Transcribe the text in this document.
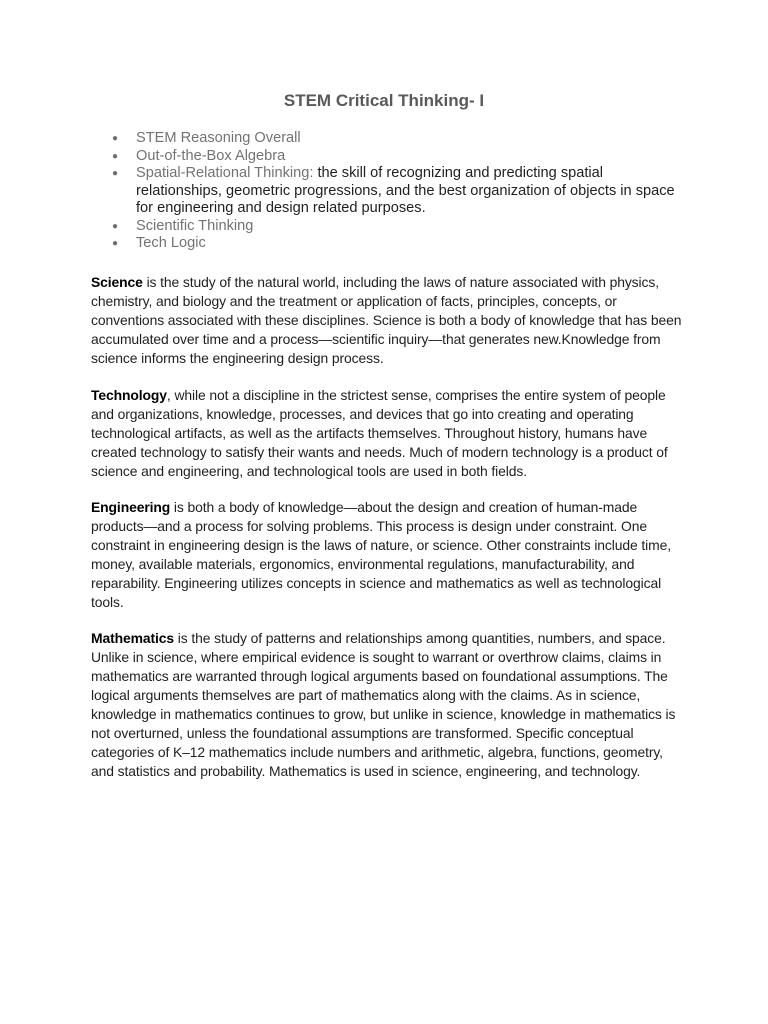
STEM Critical Thinking- I
● STEM Reasoning Overall
● Out-of-the-Box Algebra
● Spatial-Relational Thinking: the skill of recognizing and predicting spatial relationships, geometric progressions, and the best organization of objects in space for engineering and design related purposes.
● Scientific Thinking
● Tech Logic

Science is the study of the natural world, including the laws of nature associated with physics, chemistry, and biology and the treatment or application of facts, principles, concepts, or conventions associated with these disciplines. Science is both a body of knowledge that has been accumulated over time and a process—scientific inquiry—that generates new.Knowledge from science informs the engineering design process.

Technology, while not a discipline in the strictest sense, comprises the entire system of people and organizations, knowledge, processes, and devices that go into creating and operating technological artifacts, as well as the artifacts themselves. Throughout history, humans have created technology to satisfy their wants and needs. Much of modern technology is a product of science and engineering, and technological tools are used in both fields.

Engineering is both a body of knowledge—about the design and creation of human-made products—and a process for solving problems. This process is design under constraint. One constraint in engineering design is the laws of nature, or science. Other constraints include time, money, available materials, ergonomics, environmental regulations, manufacturability, and reparability. Engineering utilizes concepts in science and mathematics as well as technological tools.

Mathematics is the study of patterns and relationships among quantities, numbers, and space. Unlike in science, where empirical evidence is sought to warrant or overthrow claims, claims in mathematics are warranted through logical arguments based on foundational assumptions. The logical arguments themselves are part of mathematics along with the claims. As in science, knowledge in mathematics continues to grow, but unlike in science, knowledge in mathematics is not overturned, unless the foundational assumptions are transformed. Specific conceptual categories of K–12 mathematics include numbers and arithmetic, algebra, functions, geometry, and statistics and probability. Mathematics is used in science, engineering, and technology.
